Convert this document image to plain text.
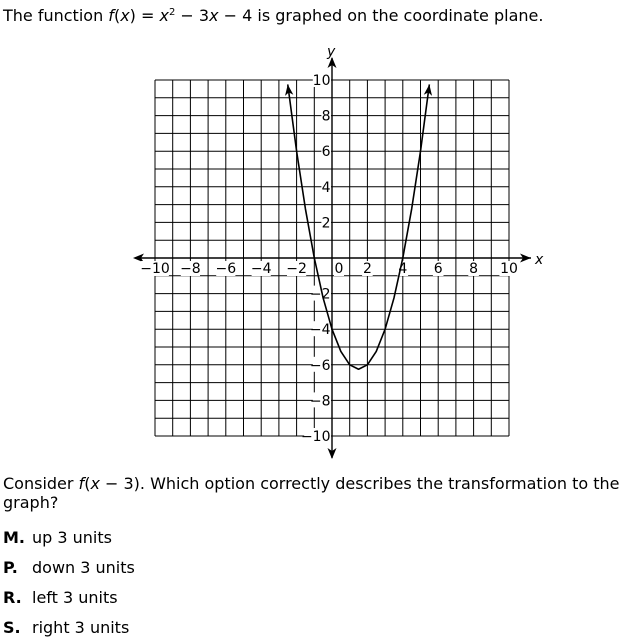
The function $f(x) = x^2 - 3x - 4$ is graphed on the coordinate plane.
−10 −8 −6 −4 −2	2 4 6 8 10
0
10
8
6
4
2
−2
−4
−6
−8
−10
x
y
Consider f(x − 3). Which option correctly describes the transformation to the graph?
M. up 3 units
P. down 3 units
R. left 3 units
S. right 3 units
